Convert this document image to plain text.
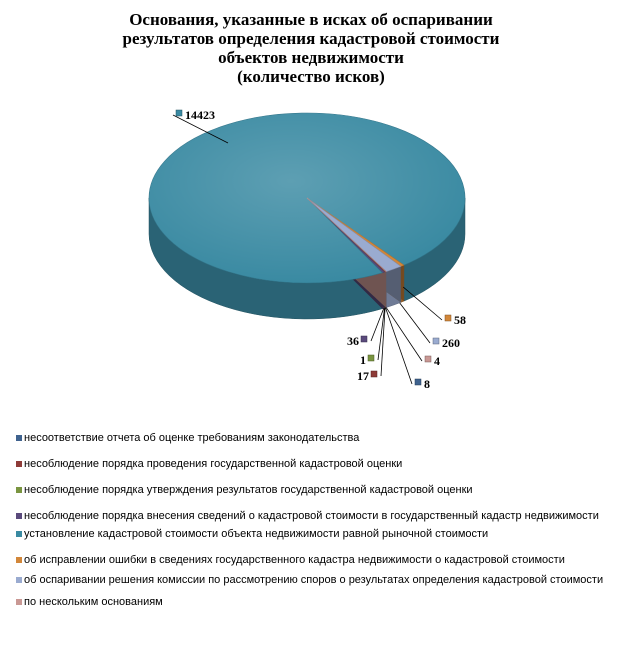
Основания, указанные в исках об оспаривании
результатов определения кадастровой стоимости
объектов недвижимости
(количество исков)
8
17
1
36
14423
58
260
4
несоответствие отчета об оценке требованиям законодательства
несоблюдение порядка проведения государственной кадастровой оценки
несоблюдение порядка утверждения результатов государственной кадастровой оценки
несоблюдение порядка внесения сведений о кадастровой стоимости в государственный кадастр недвижимости
установление кадастровой стоимости объекта недвижимости равной рыночной стоимости
об исправлении ошибки в сведениях государственного кадастра недвижимости о кадастровой стоимости
об оспаривании решения комиссии по рассмотрению споров о результатах определения кадастровой стоимости
по нескольким основаниям
